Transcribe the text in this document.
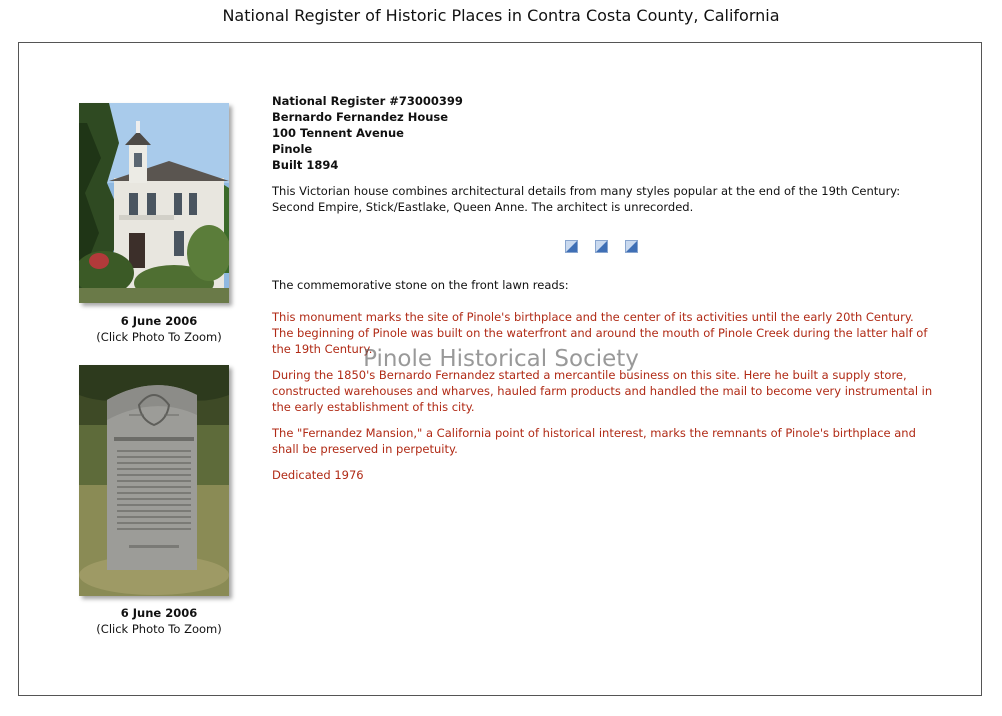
National Register of Historic Places in Contra Costa County, California
6 June 2006
(Click Photo To Zoom)
6 June 2006
(Click Photo To Zoom)
National Register #73000399
Bernardo Fernandez House
100 Tennent Avenue
Pinole
Built 1894
This Victorian house combines architectural details from many styles popular at the end of the 19th Century: Second Empire, Stick/Eastlake, Queen Anne. The architect is unrecorded.
The commemorative stone on the front lawn reads:

This monument marks the site of Pinole's birthplace and the center of its activities until the early 20th Century. The beginning of Pinole was built on the waterfront and around the mouth of Pinole Creek during the latter half of the 19th Century.

During the 1850's Bernardo Fernandez started a mercantile business on this site. Here he built a supply store, constructed warehouses and wharves, hauled farm products and handled the mail to become very instrumental in the early establishment of this city.

The "Fernandez Mansion," a California point of historical interest, marks the remnants of Pinole's birthplace and shall be preserved in perpetuity.

Dedicated 1976

Pinole Historical Society
